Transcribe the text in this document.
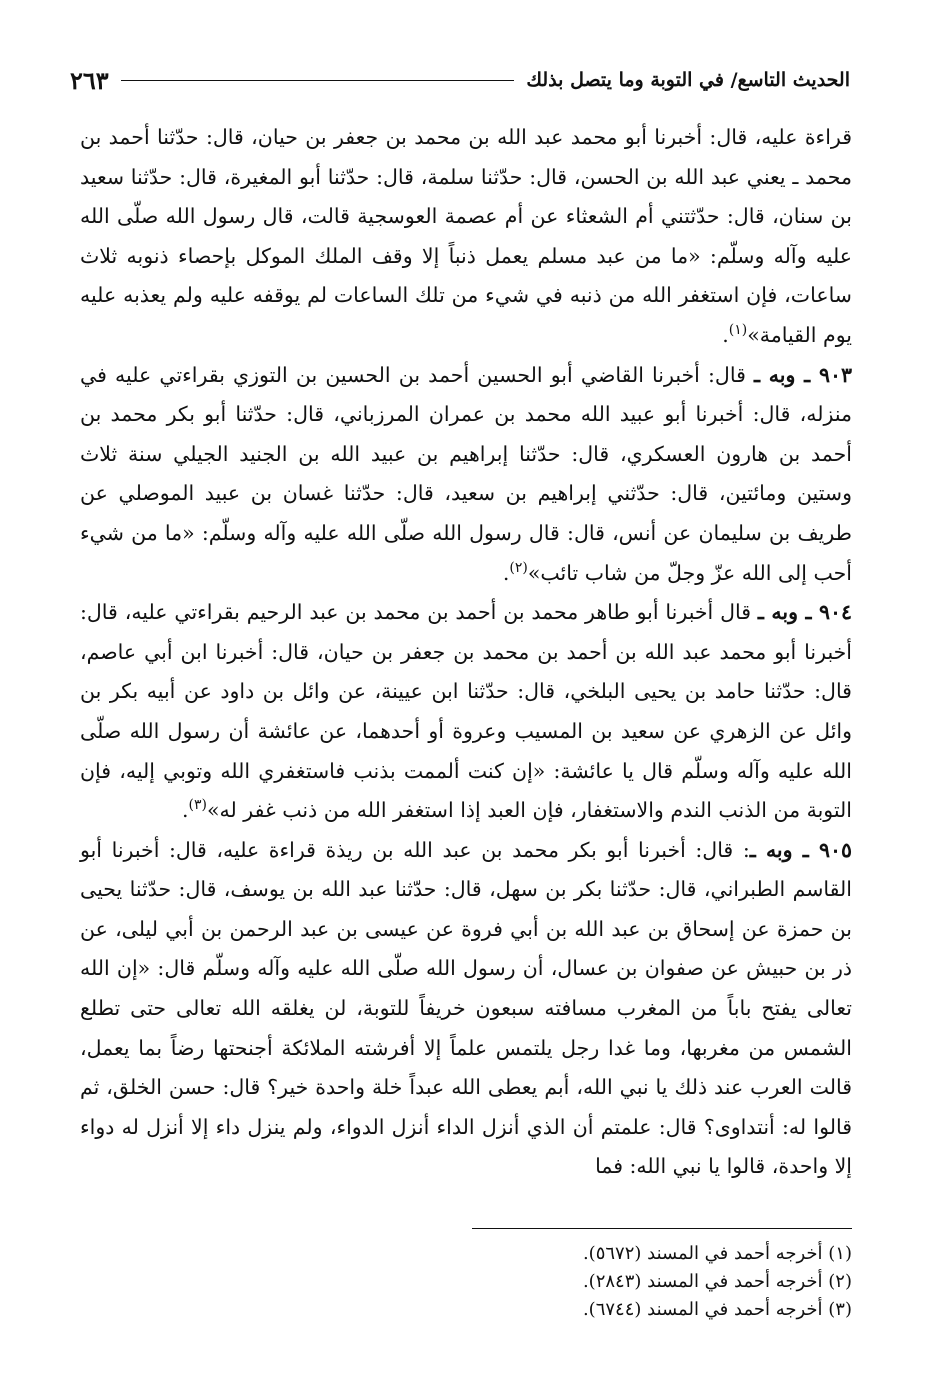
الحديث التاسع/ في التوبة وما يتصل بذلك
٢٦٣

قراءة عليه، قال: أخبرنا أبو محمد عبد الله بن محمد بن جعفر بن حيان، قال: حدّثنا أحمد بن محمد ـ يعني عبد الله بن الحسن، قال: حدّثنا سلمة، قال: حدّثنا أبو المغيرة، قال: حدّثنا سعيد بن سنان، قال: حدّثتني أم الشعثاء عن أم عصمة العوسجية قالت، قال رسول الله صلّى الله عليه وآله وسلّم: «ما من عبد مسلم يعمل ذنباً إلا وقف الملك الموكل بإحصاء ذنوبه ثلاث ساعات، فإن استغفر الله من ذنبه في شيء من تلك الساعات لم يوقفه عليه ولم يعذبه عليه يوم القيامة»$^{(١)}$.

٩٠٣ ـ وبه ـ قال: أخبرنا القاضي أبو الحسين أحمد بن الحسين بن التوزي بقراءتي عليه في منزله، قال: أخبرنا أبو عبيد الله محمد بن عمران المرزباني، قال: حدّثنا أبو بكر محمد بن أحمد بن هارون العسكري، قال: حدّثنا إبراهيم بن عبيد الله بن الجنيد الجيلي سنة ثلاث وستين ومائتين، قال: حدّثني إبراهيم بن سعيد، قال: حدّثنا غسان بن عبيد الموصلي عن طريف بن سليمان عن أنس، قال: قال رسول الله صلّى الله عليه وآله وسلّم: «ما من شيء أحب إلى الله عزّ وجلّ من شاب تائب»$^{(٢)}$.

٩٠٤ ـ وبه ـ قال أخبرنا أبو طاهر محمد بن أحمد بن محمد بن عبد الرحيم بقراءتي عليه، قال: أخبرنا أبو محمد عبد الله بن أحمد بن محمد بن جعفر بن حيان، قال: أخبرنا ابن أبي عاصم، قال: حدّثنا حامد بن يحيى البلخي، قال: حدّثنا ابن عيينة، عن وائل بن داود عن أبيه بكر بن وائل عن الزهري عن سعيد بن المسيب وعروة أو أحدهما، عن عائشة أن رسول الله صلّى الله عليه وآله وسلّم قال يا عائشة: «إن كنت ألممت بذنب فاستغفري الله وتوبي إليه، فإن التوبة من الذنب الندم والاستغفار، فإن العبد إذا استغفر الله من ذنب غفر له»$^{(٣)}$.

٩٠٥ ـ وبه ـ: قال: أخبرنا أبو بكر محمد بن عبد الله بن ريذة قراءة عليه، قال: أخبرنا أبو القاسم الطبراني، قال: حدّثنا بكر بن سهل، قال: حدّثنا عبد الله بن يوسف، قال: حدّثنا يحيى بن حمزة عن إسحاق بن عبد الله بن أبي فروة عن عيسى بن عبد الرحمن بن أبي ليلى، عن ذر بن حبيش عن صفوان بن عسال، أن رسول الله صلّى الله عليه وآله وسلّم قال: «إن الله تعالى يفتح باباً من المغرب مسافته سبعون خريفاً للتوبة، لن يغلقه الله تعالى حتى تطلع الشمس من مغربها، وما غدا رجل يلتمس علماً إلا أفرشته الملائكة أجنحتها رضاً بما يعمل، قالت العرب عند ذلك يا نبي الله، أبم يعطى الله عبداً خلة واحدة خير؟ قال: حسن الخلق، ثم قالوا له: أنتداوى؟ قال: علمتم أن الذي أنزل الداء أنزل الدواء، ولم ينزل داء إلا أنزل له دواء إلا واحدة، قالوا يا نبي الله: فما

(١) أخرجه أحمد في المسند (٥٦٧٢).

(٢) أخرجه أحمد في المسند (٢٨٤٣).

(٣) أخرجه أحمد في المسند (٦٧٤٤).
